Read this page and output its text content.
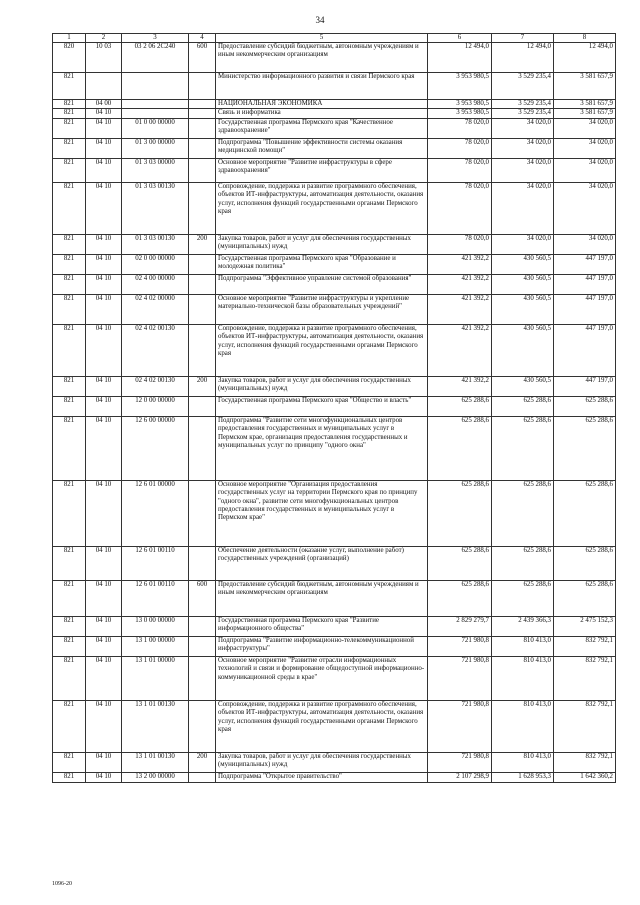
34
1	2	3	4	5	6	7	8
820	10 03	03 2 06 2C240	600	Предоставление субсидий бюджетным, автономным учреждениям и иным некоммерческим организациям	12 494,0	12 494,0	12 494,0
821				Министерство информационного развития и связи Пермского края	3 953 980,5	3 529 235,4	3 581 657,9
821	04 00			НАЦИОНАЛЬНАЯ ЭКОНОМИКА	3 953 980,5	3 529 235,4	3 581 657,9
821	04 10			Связь и информатика	3 953 980,5	3 529 235,4	3 581 657,9
821	04 10	01 0 00 00000		Государственная программа Пермского края "Качественное здравоохранение"	78 020,0	34 020,0	34 020,0
821	04 10	01 3 00 00000		Подпрограмма "Повышение эффективности системы оказания медицинской помощи"	78 020,0	34 020,0	34 020,0
821	04 10	01 3 03 00000		Основное мероприятие "Развитие инфраструктуры в сфере здравоохранения"	78 020,0	34 020,0	34 020,0
821	04 10	01 3 03 00130		Сопровождение, поддержка и развитие программного обеспечения, объектов ИТ-инфраструктуры, автоматизация деятельности, оказания услуг, исполнения функций государственными органами Пермского края	78 020,0	34 020,0	34 020,0
821	04 10	01 3 03 00130	200	Закупка товаров, работ и услуг для обеспечения государственных (муниципальных) нужд	78 020,0	34 020,0	34 020,0
821	04 10	02 0 00 00000		Государственная программа Пермского края "Образование и молодежная политика"	421 392,2	430 560,5	447 197,0
821	04 10	02 4 00 00000		Подпрограмма "Эффективное управление системой образования"	421 392,2	430 560,5	447 197,0
821	04 10	02 4 02 00000		Основное мероприятие "Развитие инфраструктуры и укрепление материально-технической базы образовательных учреждений"	421 392,2	430 560,5	447 197,0
821	04 10	02 4 02 00130		Сопровождение, поддержка и развитие программного обеспечения, объектов ИТ-инфраструктуры, автоматизация деятельности, оказания услуг, исполнения функций государственными органами Пермского края	421 392,2	430 560,5	447 197,0
821	04 10	02 4 02 00130	200	Закупка товаров, работ и услуг для обеспечения государственных (муниципальных) нужд	421 392,2	430 560,5	447 197,0
821	04 10	12 0 00 00000		Государственная программа Пермского края "Общество и власть"	625 288,6	625 288,6	625 288,6
821	04 10	12 6 00 00000		Подпрограмма "Развитие сети многофункциональных центров предоставления государственных и муниципальных услуг в Пермском крае, организация предоставления государственных и муниципальных услуг по принципу "одного окна"	625 288,6	625 288,6	625 288,6
821	04 10	12 6 01 00000		Основное мероприятие "Организация предоставления государственных услуг на территории Пермского края по принципу "одного окна", развитие сети многофункциональных центров предоставления государственных и муниципальных услуг в Пермском крае"	625 288,6	625 288,6	625 288,6
821	04 10	12 6 01 00110		Обеспечение деятельности (оказание услуг, выполнение работ) государственных учреждений (организаций)	625 288,6	625 288,6	625 288,6
821	04 10	12 6 01 00110	600	Предоставление субсидий бюджетным, автономным учреждениям и иным некоммерческим организациям	625 288,6	625 288,6	625 288,6
821	04 10	13 0 00 00000		Государственная программа Пермского края "Развитие информационного общества"	2 829 279,7	2 439 366,3	2 475 152,3
821	04 10	13 1 00 00000		Подпрограмма "Развитие информационно-телекоммуникационной инфраструктуры"	721 980,8	810 413,0	832 792,1
821	04 10	13 1 01 00000		Основное мероприятие "Развитие отрасли информационных технологий и связи и формирование общедоступной информационно-коммуникационной среды в крае"	721 980,8	810 413,0	832 792,1
821	04 10	13 1 01 00130		Сопровождение, поддержка и развитие программного обеспечения, объектов ИТ-инфраструктуры, автоматизация деятельности, оказания услуг, исполнения функций государственными органами Пермского края	721 980,8	810 413,0	832 792,1
821	04 10	13 1 01 00130	200	Закупка товаров, работ и услуг для обеспечения государственных (муниципальных) нужд	721 980,8	810 413,0	832 792,1
821	04 10	13 2 00 00000		Подпрограмма "Открытое правительство"	2 107 298,9	1 628 953,3	1 642 360,2
1096-20
